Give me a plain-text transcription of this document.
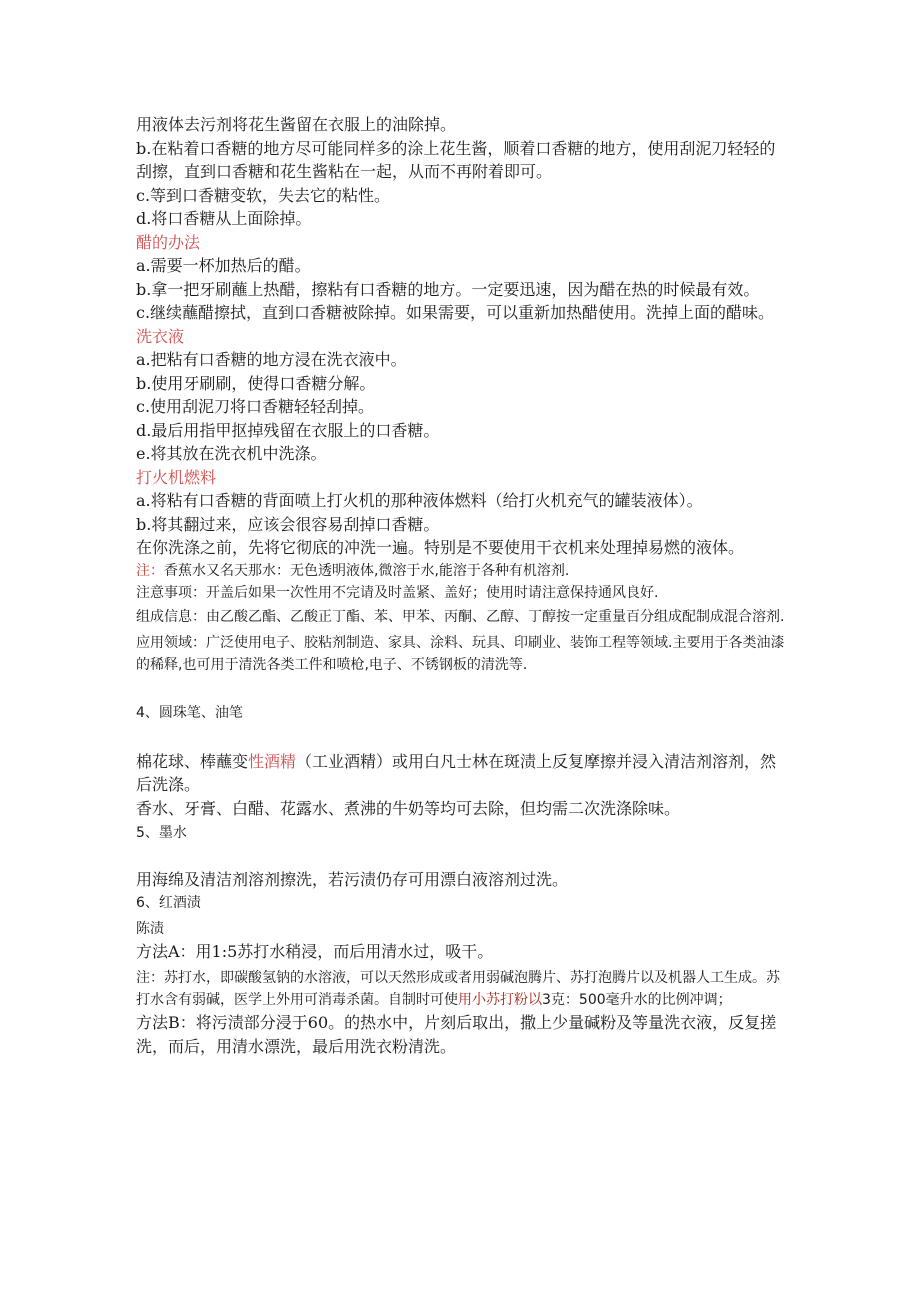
用液体去污剂将花生酱留在衣服上的油除掉。

b.在粘着口香糖的地方尽可能同样多的涂上花生酱，顺着口香糖的地方，使用刮泥刀轻轻的刮擦，直到口香糖和花生酱粘在一起，从而不再附着即可。

c.等到口香糖变软，失去它的粘性。

d.将口香糖从上面除掉。

醋的办法

a.需要一杯加热后的醋。

b.拿一把牙刷蘸上热醋，擦粘有口香糖的地方。一定要迅速，因为醋在热的时候最有效。

c.继续蘸醋擦拭，直到口香糖被除掉。如果需要，可以重新加热醋使用。洗掉上面的醋味。

洗衣液

a.把粘有口香糖的地方浸在洗衣液中。

b.使用牙刷刷，使得口香糖分解。

c.使用刮泥刀将口香糖轻轻刮掉。

d.最后用指甲抠掉残留在衣服上的口香糖。

e.将其放在洗衣机中洗涤。

打火机燃料

a.将粘有口香糖的背面喷上打火机的那种液体燃料（给打火机充气的罐装液体）。

b.将其翻过来，应该会很容易刮掉口香糖。

在你洗涤之前，先将它彻底的冲洗一遍。特别是不要使用干衣机来处理掉易燃的液体。

注：香蕉水又名天那水：无色透明液体,微溶于水,能溶于各种有机溶剂.

注意事项：开盖后如果一次性用不完请及时盖紧、盖好；使用时请注意保持通风良好.

组成信息：由乙酸乙酯、乙酸正丁酯、苯、甲苯、丙酮、乙醇、丁醇按一定重量百分组成配制成混合溶剂.

应用领域：广泛使用电子、胶粘剂制造、家具、涂料、玩具、印刷业、装饰工程等领域.主要用于各类油漆的稀释,也可用于清洗各类工件和喷枪,电子、不锈钢板的清洗等.

4、圆珠笔、油笔

棉花球、棒蘸变性酒精（工业酒精）或用白凡士林在斑渍上反复摩擦并浸入清洁剂溶剂，然后洗涤。

香水、牙膏、白醋、花露水、煮沸的牛奶等均可去除，但均需二次洗涤除味。

5、墨水

用海绵及清洁剂溶剂擦洗，若污渍仍存可用漂白液溶剂过洗。

6、红酒渍

陈渍

方法A：用1:5苏打水稍浸，而后用清水过，吸干。

注：苏打水，即碳酸氢钠的水溶液，可以天然形成或者用弱碱泡腾片、苏打泡腾片以及机器人工生成。苏打水含有弱碱，医学上外用可消毒杀菌。自制时可使用小苏打粉以3克：500毫升水的比例冲调；

方法B：将污渍部分浸于60。的热水中，片刻后取出，撒上少量碱粉及等量洗衣液，反复搓洗，而后，用清水漂洗，最后用洗衣粉清洗。
